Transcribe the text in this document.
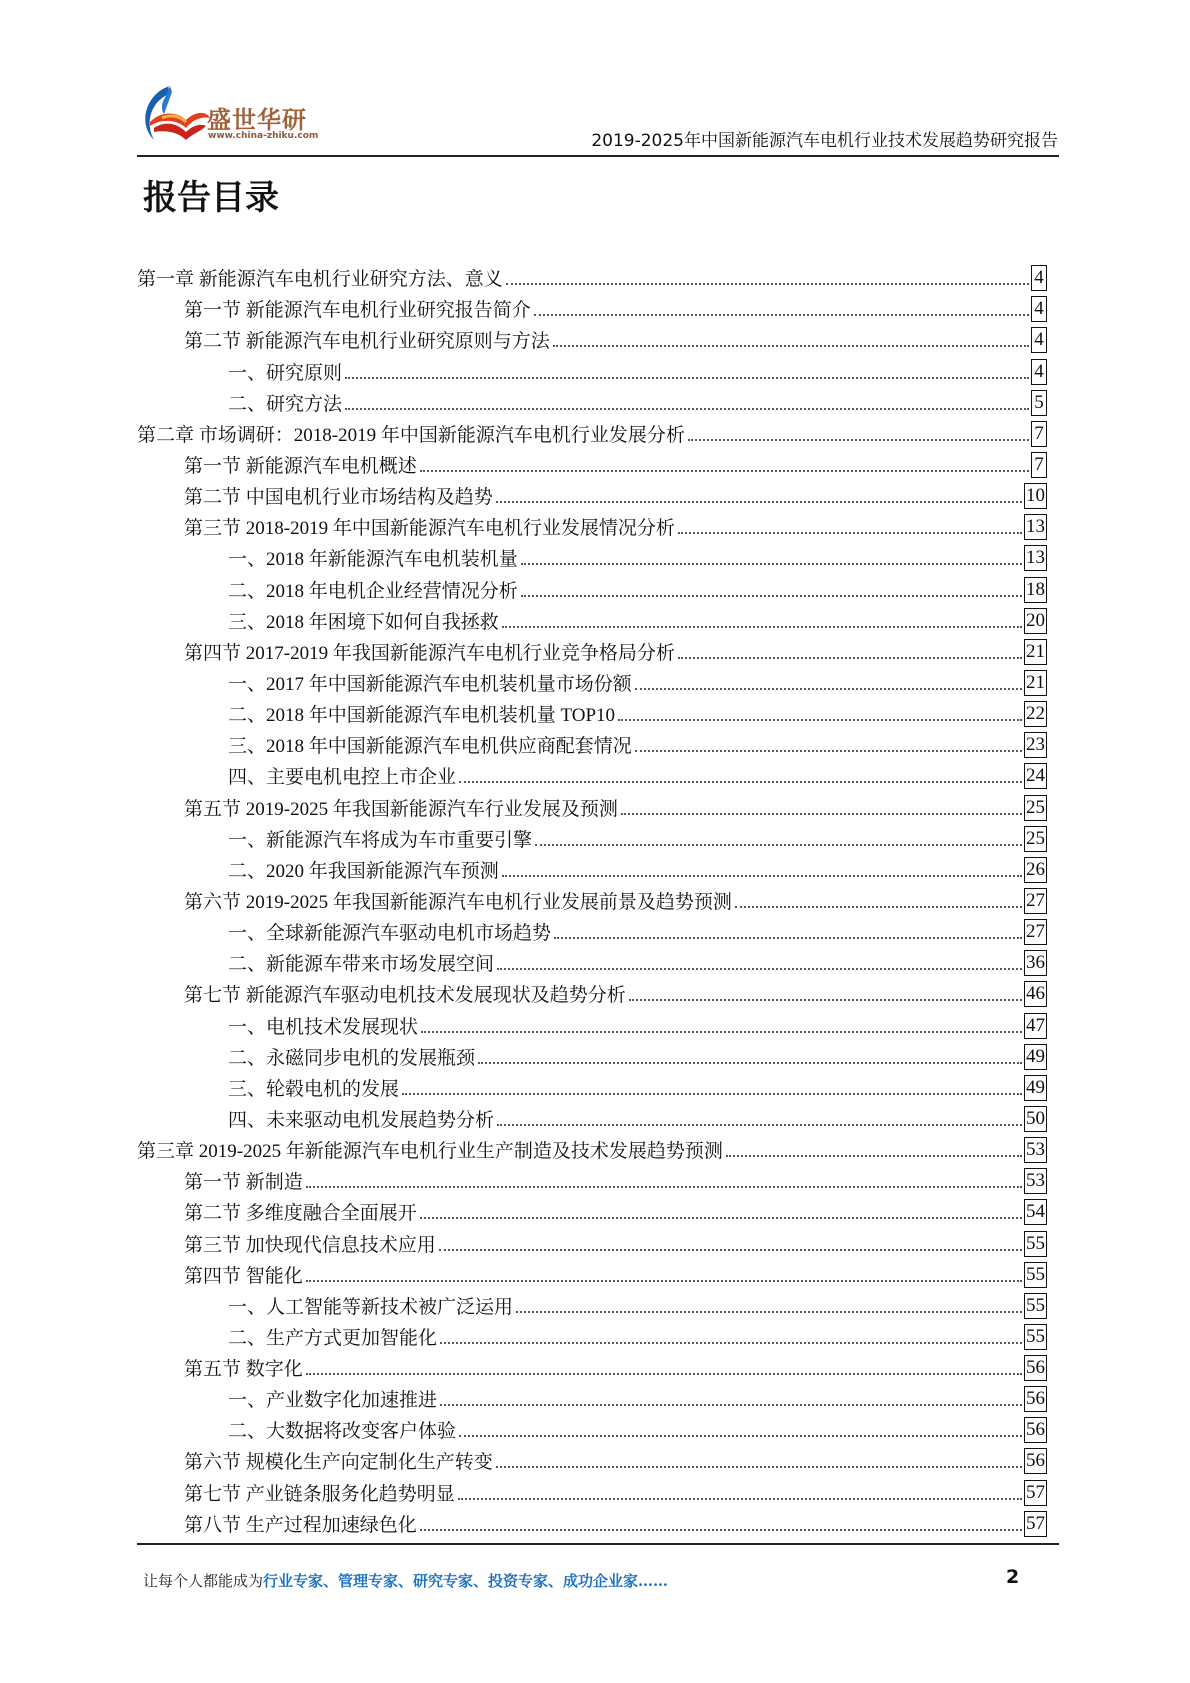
盛世华研
www.china-zhiku.com	2019-2025年中国新能源汽车电机行业技术发展趋势研究报告
报告目录
第一章 新能源汽车电机行业研究方法、意义	4
第一节 新能源汽车电机行业研究报告简介	4
第二节 新能源汽车电机行业研究原则与方法	4
一、研究原则	4
二、研究方法	5
第二章 市场调研：2018-2019 年中国新能源汽车电机行业发展分析	7
第一节 新能源汽车电机概述	7
第二节 中国电机行业市场结构及趋势	10
第三节 2018-2019 年中国新能源汽车电机行业发展情况分析	13
一、2018 年新能源汽车电机装机量	13
二、2018 年电机企业经营情况分析	18
三、2018 年困境下如何自我拯救	20
第四节 2017-2019 年我国新能源汽车电机行业竞争格局分析	21
一、2017 年中国新能源汽车电机装机量市场份额	21
二、2018 年中国新能源汽车电机装机量 TOP10	22
三、2018 年中国新能源汽车电机供应商配套情况	23
四、主要电机电控上市企业	24
第五节 2019-2025 年我国新能源汽车行业发展及预测	25
一、新能源汽车将成为车市重要引擎	25
二、2020 年我国新能源汽车预测	26
第六节 2019-2025 年我国新能源汽车电机行业发展前景及趋势预测	27
一、全球新能源汽车驱动电机市场趋势	27
二、新能源车带来市场发展空间	36
第七节 新能源汽车驱动电机技术发展现状及趋势分析	46
一、电机技术发展现状	47
二、永磁同步电机的发展瓶颈	49
三、轮毂电机的发展	49
四、未来驱动电机发展趋势分析	50
第三章 2019-2025 年新能源汽车电机行业生产制造及技术发展趋势预测	53
第一节 新制造	53
第二节 多维度融合全面展开	54
第三节 加快现代信息技术应用	55
第四节 智能化	55
一、人工智能等新技术被广泛运用	55
二、生产方式更加智能化	55
第五节 数字化	56
一、产业数字化加速推进	56
二、大数据将改变客户体验	56
第六节 规模化生产向定制化生产转变	56
第七节 产业链条服务化趋势明显	57
第八节 生产过程加速绿色化	57
让每个人都能成为行业专家、管理专家、研究专家、投资专家、成功企业家……	2
